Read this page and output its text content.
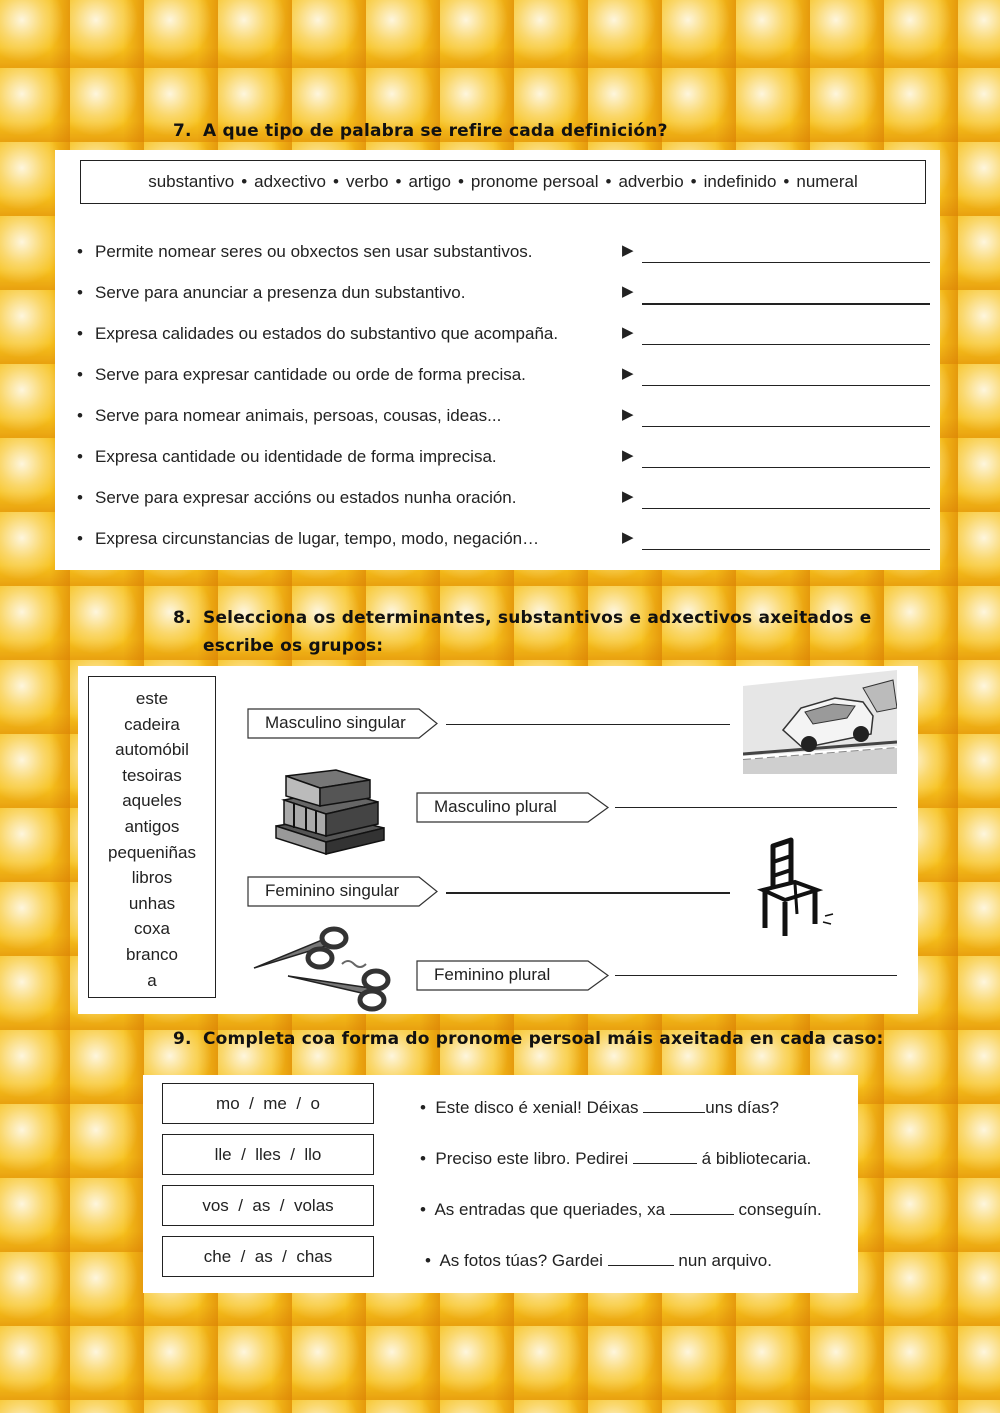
7. A que tipo de palabra se refire cada definición?
substantivo • adxectivo • verbo • artigo • pronome persoal • adverbio • indefinido • numeral
• Permite nomear seres ou obxectos sen usar substantivos.	▶
• Serve para anunciar a presenza dun substantivo.	▶
• Expresa calidades ou estados do substantivo que acompaña.	▶
• Serve para expresar cantidade ou orde de forma precisa.	▶
• Serve para nomear animais, persoas, cousas, ideas...	▶
• Expresa cantidade ou identidade de forma imprecisa.	▶
• Serve para expresar accións ou estados nunha oración.	▶
• Expresa circunstancias de lugar, tempo, modo, negación…	▶
8. Selecciona os determinantes, substantivos e adxectivos axeitados e
escribe os grupos:
este
cadeira
automóbil
tesoiras
aqueles
antigos
pequeniñas
libros
unhas
coxa
branco
a
Masculino singular
Masculino plural
Feminino singular
Feminino plural
9. Completa coa forma do pronome persoal máis axeitada en cada caso:
mo  /  me  /  o
lle  /  lles  /  llo
vos  /  as  /  volas
che  /  as  /  chas
• Este disco é xenial! Déixas	uns días?
• Preciso este libro. Pedirei	á bibliotecaria.
• As entradas que queriades, xa	conseguín.
• As fotos túas? Gardei	nun arquivo.
